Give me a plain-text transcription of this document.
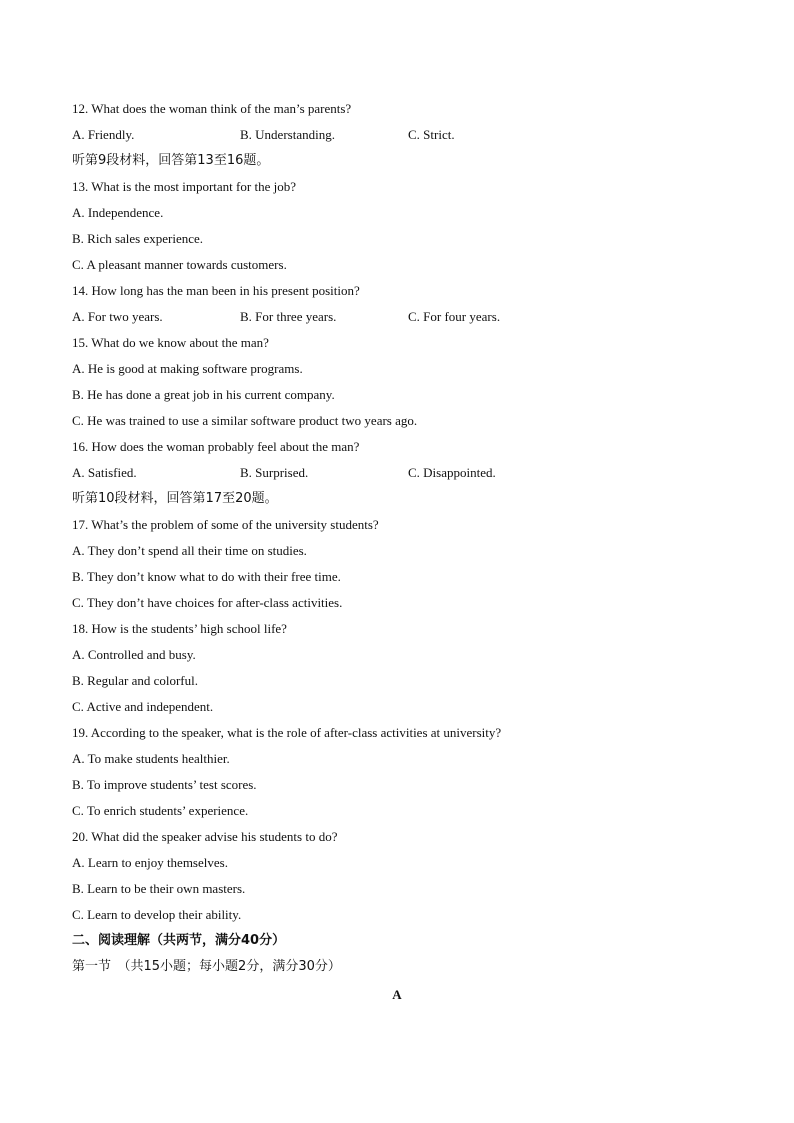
12. What does the woman think of the man’s parents?
A. Friendly.	B. Understanding.	C. Strict.
听第9段材料，回答第13至16题。
13. What is the most important for the job?
A. Independence.
B. Rich sales experience.
C. A pleasant manner towards customers.
14. How long has the man been in his present position?
A. For two years.	B. For three years.	C. For four years.
15. What do we know about the man?
A. He is good at making software programs.
B. He has done a great job in his current company.
C. He was trained to use a similar software product two years ago.
16. How does the woman probably feel about the man?
A. Satisfied.	B. Surprised.	C. Disappointed.
听第10段材料，回答第17至20题。
17. What’s the problem of some of the university students?
A. They don’t spend all their time on studies.
B. They don’t know what to do with their free time.
C. They don’t have choices for after-class activities.
18. How is the students’ high school life?
A. Controlled and busy.
B. Regular and colorful.
C. Active and independent.
19. According to the speaker, what is the role of after-class activities at university?
A. To make students healthier.
B. To improve students’ test scores.
C. To enrich students’ experience.
20. What did the speaker advise his students to do?
A. Learn to enjoy themselves.
B. Learn to be their own masters.
C. Learn to develop their ability.
二、阅读理解（共两节，满分40分）
第一节　（共15小题；每小题2分，满分30分）
A
